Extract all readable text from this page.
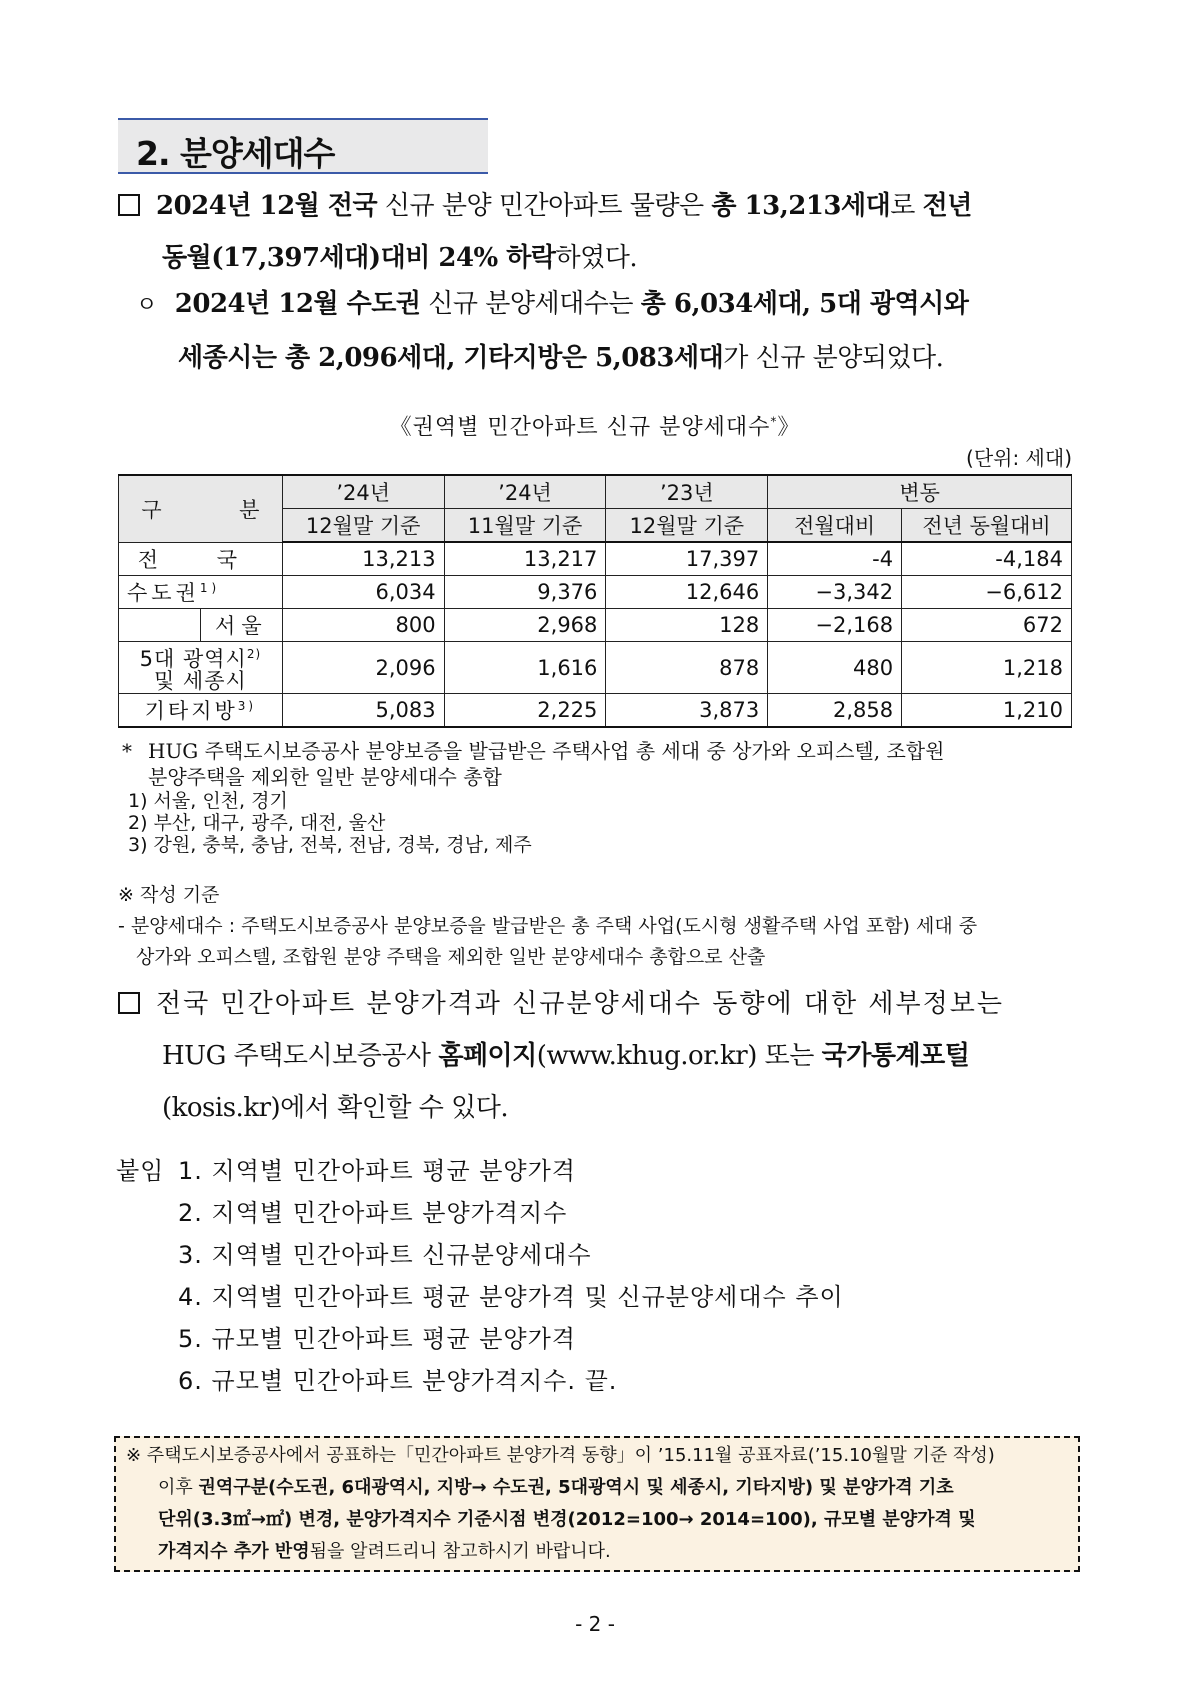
2. 분양세대수
2024년 12월 전국 신규 분양 민간아파트 물량은 총 13,213세대로 전년
동월(17,397세대)대비 24% 하락하였다.
ㅇ 2024년 12월 수도권 신규 분양세대수는 총 6,034세대, 5대 광역시와
세종시는 총 2,096세대, 기타지방은 5,083세대가 신규 분양되었다.
《권역별 민간아파트 신규 분양세대수*》
(단위: 세대)
구 분		’24년	’24년	’23년	변동	
		12월말 기준	11월말 기준	12월말 기준	전월대비	전년 동월대비
전 국		13,213	13,217	17,397	-4	-4,184
수도권$^{1)}$		6,034	9,376	12,646	−3,342	−6,612
	서울	800	2,968	128	−2,168	672
5대 광역시$^{2)}$
및 세종시		2,096	1,616	878	480	1,218
기타지방$^{3)}$		5,083	2,225	3,873	2,858	1,210
* HUG 주택도시보증공사 분양보증을 발급받은 주택사업 총 세대 중 상가와 오피스텔, 조합원
분양주택을 제외한 일반 분양세대수 총합
1) 서울, 인천, 경기
2) 부산, 대구, 광주, 대전, 울산
3) 강원, 충북, 충남, 전북, 전남, 경북, 경남, 제주
※ 작성 기준
- 분양세대수 : 주택도시보증공사 분양보증을 발급받은 총 주택 사업(도시형 생활주택 사업 포함) 세대 중
상가와 오피스텔, 조합원 분양 주택을 제외한 일반 분양세대수 총합으로 산출
전국 민간아파트 분양가격과 신규분양세대수 동향에 대한 세부정보는
HUG 주택도시보증공사 홈페이지(www.khug.or.kr) 또는 국가통계포털
(kosis.kr)에서 확인할 수 있다.
붙임 1. 지역별 민간아파트 평균 분양가격
2. 지역별 민간아파트 분양가격지수
3. 지역별 민간아파트 신규분양세대수
4. 지역별 민간아파트 평균 분양가격 및 신규분양세대수 추이
5. 규모별 민간아파트 평균 분양가격
6. 규모별 민간아파트 분양가격지수. 끝.
※ 주택도시보증공사에서 공표하는「민간아파트 분양가격 동향」이 ’15.11월 공표자료(’15.10월말 기준 작성)
이후 권역구분(수도권, 6대광역시, 지방→ 수도권, 5대광역시 및 세종시, 기타지방) 및 분양가격 기초
단위(3.3㎡→㎡) 변경, 분양가격지수 기준시점 변경(2012=100→ 2014=100), 규모별 분양가격 및
가격지수 추가 반영됨을 알려드리니 참고하시기 바랍니다.
- 2 -
